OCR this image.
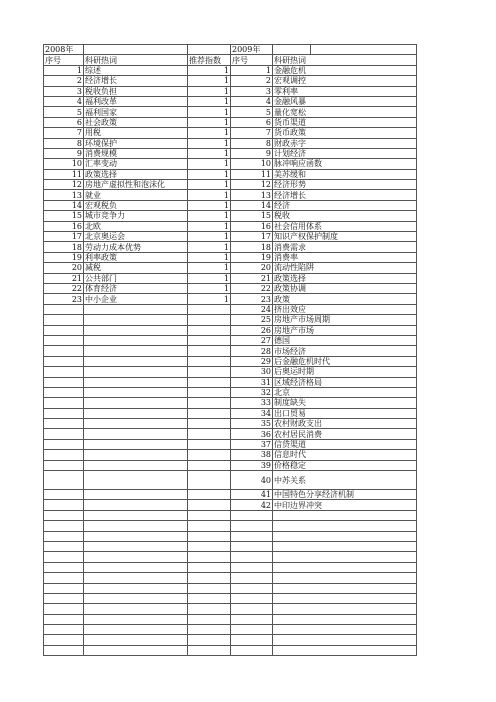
2008年			2009年		
序号	科研热词	推荐指数	序号	科研热词	
1	综述	1	1	金融危机	
2	经济增长	1	2	宏观调控	
3	税收负担	1	3	零利率	
4	福利改革	1	4	金融风暴	
5	福利国家	1	5	量化宽松	
6	社会政策	1	6	货币渠道	
7	用税	1	7	货币政策	
8	环境保护	1	8	财政赤字	
9	消费规模	1	9	计划经济	
10	汇率变动	1	10	脉冲响应函数	
11	政策选择	1	11	美苏缓和	
12	房地产虚拟性和泡沫化	1	12	经济形势	
13	就业	1	13	经济增长	
14	宏观税负	1	14	经济	
15	城市竞争力	1	15	税收	
16	北欧	1	16	社会信用体系	
17	北京奥运会	1	17	知识产权保护制度	
18	劳动力成本优势	1	18	消费需求	
19	利率政策	1	19	消费率	
20	减税	1	20	流动性陷阱	
21	公共部门	1	21	政策选择	
22	体育经济	1	22	政策协调	
23	中小企业	1	23	政策	
			24	挤出效应	
			25	房地产市场周期	
			26	房地产市场	
			27	德国	
			28	市场经济	
			29	后金融危机时代	
			30	后奥运时期	
			31	区域经济格局	
			32	北京	
			33	制度缺失	
			34	出口贸易	
			35	农村财政支出	
			36	农村居民消费	
			37	信贷渠道	
			38	信息时代	
			39	价格稳定	
			40	中苏关系	
			41	中国特色分享经济机制	
			42	中印边界冲突	
